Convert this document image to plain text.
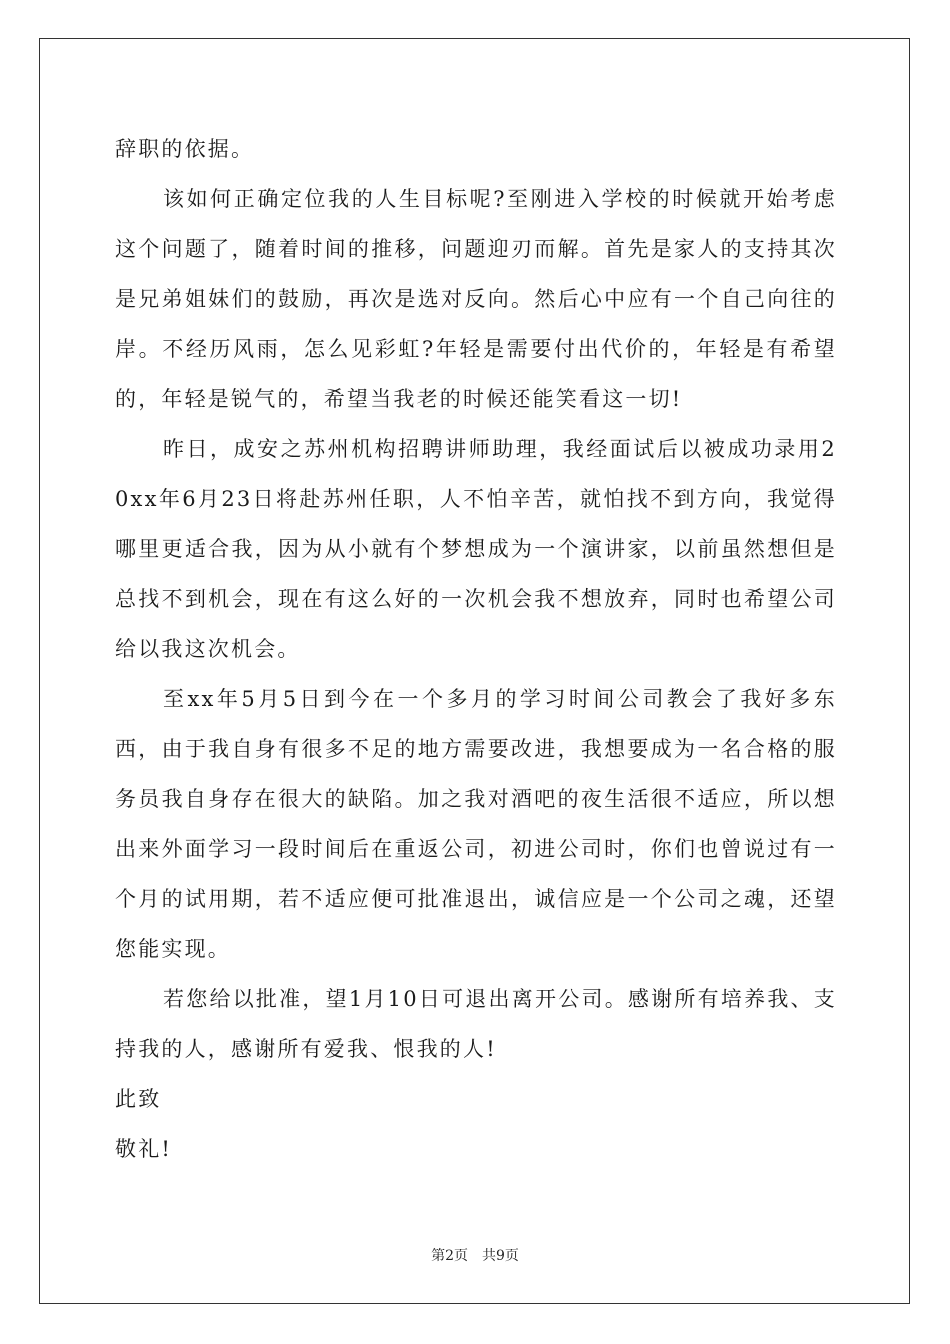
辞职的依据。

该如何正确定位我的人生目标呢?至刚进入学校的时候就开始考虑这个问题了，随着时间的推移，问题迎刃而解。首先是家人的支持其次是兄弟姐妹们的鼓励，再次是选对反向。然后心中应有一个自己向往的岸。不经历风雨，怎么见彩虹?年轻是需要付出代价的，年轻是有希望的，年轻是锐气的，希望当我老的时候还能笑看这一切!

昨日，成安之苏州机构招聘讲师助理，我经面试后以被成功录用20xx年6月23日将赴苏州任职，人不怕辛苦，就怕找不到方向，我觉得哪里更适合我，因为从小就有个梦想成为一个演讲家，以前虽然想但是总找不到机会，现在有这么好的一次机会我不想放弃，同时也希望公司给以我这次机会。

至xx年5月5日到今在一个多月的学习时间公司教会了我好多东西，由于我自身有很多不足的地方需要改进，我想要成为一名合格的服务员我自身存在很大的缺陷。加之我对酒吧的夜生活很不适应，所以想出来外面学习一段时间后在重返公司，初进公司时，你们也曾说过有一个月的试用期，若不适应便可批准退出，诚信应是一个公司之魂，还望您能实现。

若您给以批准，望1月10日可退出离开公司。感谢所有培养我、支持我的人，感谢所有爱我、恨我的人!

此致

敬礼!

第2页 共9页
